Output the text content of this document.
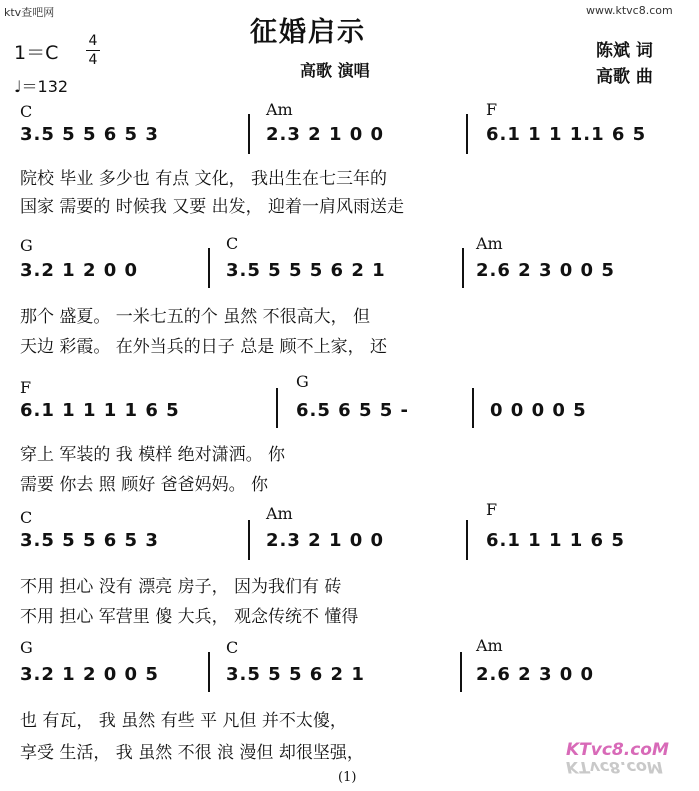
ktv查吧网	www.ktvc8.com
征婚启示
高歌 演唱
陈斌 词
高歌 曲
1＝C
4
4
♩＝132
C	Am	F
3.5 5 5 6 5 3	2.3 2 1 0 0	6.1 1 1 1.1 6 5
院校 毕业 多少也 有点 文化， 我出生在七三年的
国家 需要的 时候我 又要 出发， 迎着一肩风雨送走
G	C	Am
3.2 1 2 0 0	3.5 5 5 5 6 2 1	2.6 2 3 0 0 5
那个 盛夏。 一米七五的个 虽然 不很高大， 但
天边 彩霞。 在外当兵的日子 总是 顾不上家， 还
F	G
6.1 1 1 1 1 6 5	6.5 6 5 5 -	0 0 0 0 5
穿上 军装的 我 模样 绝对潇洒。 你
需要 你去 照 顾好 爸爸妈妈。 你
C	Am	F
3.5 5 5 6 5 3	2.3 2 1 0 0	6.1 1 1 1 6 5
不用 担心 没有 漂亮 房子， 因为我们有 砖
不用 担心 军营里 傻 大兵， 观念传统不 懂得
G	C	Am
3.2 1 2 0 0 5	3.5 5 5 6 2 1	2.6 2 3 0 0
也 有瓦， 我 虽然 有些 平 凡但 并不太傻，
享受 生活， 我 虽然 不很 浪 漫但 却很坚强，
(1)
KTvc8.coM
KTvc8.coM
